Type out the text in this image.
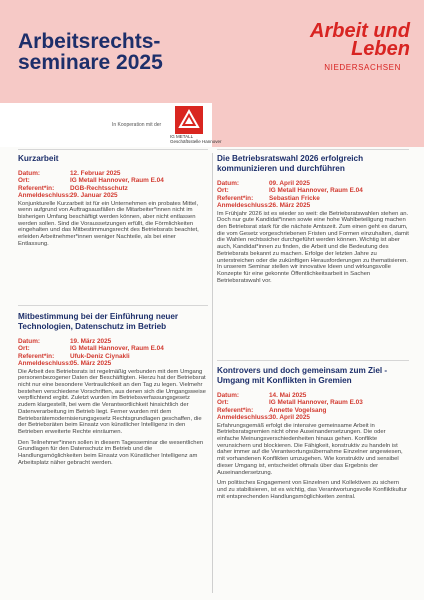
Arbeitsrechts-
seminare 2025
Arbeit und
Leben
NIEDERSACHSEN
In Kooperation mit der
IG METALL
Geschäftsstelle Hannover
Kurzarbeit
Datum:	12. Februar 2025
Ort:	IG Metall Hannover, Raum E.04
Referent*in: DGB-Rechtsschutz
Anmeldeschluss:29. Januar 2025
Konjunkturelle Kurzarbeit ist für ein Unternehmen ein probates Mittel, wenn aufgrund von Auftragsausfällen die Mitarbeiter*innen nicht im bisherigen Umfang beschäftigt werden können, aber nicht entlassen werden sollen. Sind die Voraussetzungen erfüllt, die Förmlichkeiten eingehalten und das Mitbestimmungsrecht des Betriebsrats beachtet, erleiden Arbeitnehmer*innen weniger Nachteile, als bei einer Entlassung.
Mitbestimmung bei der Einführung neuer Technologien, Datenschutz im Betrieb
Datum:	19. März 2025
Ort:	IG Metall Hannover, Raum E.04
Referent*in: Ufuk-Deniz Ciynakli
Anmeldeschluss:05. März 2025
Die Arbeit des Betriebsrats ist regelmäßig verbunden mit dem Umgang personenbezogener Daten der Beschäftigten. Hierzu hat der Betriebsrat nicht nur eine besondere Vertraulichkeit an den Tag zu legen. Vielmehr bestehen verschiedene Vorschriften, aus denen sich die Umgangsweise verpflichtend ergibt. Zuletzt wurden im Betriebsverfassungsgesetz zudem klargestellt, bei wem die Verantwortlichkeit hinsichtlich der Datenverarbeitung im Betrieb liegt. Ferner wurden mit dem Betriebsrätemodernisierungsgesetz Rechtsgrundlagen geschaffen, die der Betriebsräten beim Einsatz von künstlicher Intelligenz in den Betrieben erweiterte Rechte einräumen.
Den Teilnehmer*innen sollen in diesem Tagesseminar die wesentlichen Grundlagen für den Datenschutz im Betrieb und die Handlungsmöglichkeiten beim Einsatz von Künstlicher Intelligenz am Arbeitsplatz näher gebracht werden.
Die Betriebsratswahl 2026 erfolgreich kommunizieren und durchführen
Datum:	09. April 2025
Ort:	IG Metall Hannover, Raum E.04
Referent*in: Sebastian Fricke
Anmeldeschluss:26. März 2025
Im Frühjahr 2026 ist es wieder so weit: die Betriebsratswahlen stehen an. Doch nur gute Kandidat*innen sowie eine hohe Wahlbeteiligung machen den Betriebsrat stark für die nächste Amtszeit. Zum einen geht es darum, die vom Gesetz vorgeschriebenen Fristen und Formen einzuhalten, damit die Wahlen rechtssicher durchgeführt werden können. Wichtig ist aber auch, Kandidat*innen zu finden, die Arbeit und die Bedeutung des Betriebsrats bekannt zu machen. Erfolge der letzten Jahre zu unterstreichen oder die zukünftigen Herausforderungen zu thematisieren. In unserem Seminar stellen wir innovative Ideen und wirkungsvolle Konzepte für eine gekonnte Öffentlichkeitsarbeit in Sachen Betriebsratswahl vor.
Kontrovers und doch gemeinsam zum Ziel - Umgang mit Konflikten in Gremien
Datum:	14. Mai 2025
Ort:	IG Metall Hannover, Raum E.03
Referent*in: Annette Vogelsang
Anmeldeschluss:30. April 2025
Erfahrungsgemäß erfolgt die intensive gemeinsame Arbeit in Betriebsratsgremien nicht ohne Auseinandersetzungen. Die oder einfache Meinungsverschiedenheiten hinaus gehen. Konflikte verunsichern und blockieren. Die Fähigkeit, konstruktiv zu handeln ist daher immer auf die Verantwortungsübernahme Einzelner angewiesen, mit vorhandenen Konflikten umzugehen. Wie konstruktiv und sensibel dieser Umgang ist, entscheidet oftmals über das Ergebnis der Auseinandersetzung.
Um politisches Engagement von Einzelnen und Kollektiven zu sichern und zu stabilisieren, ist es wichtig, das Verantwortungsvolle Konfliktkultur mit entsprechenden Handlungsmöglichkeiten zentral.
